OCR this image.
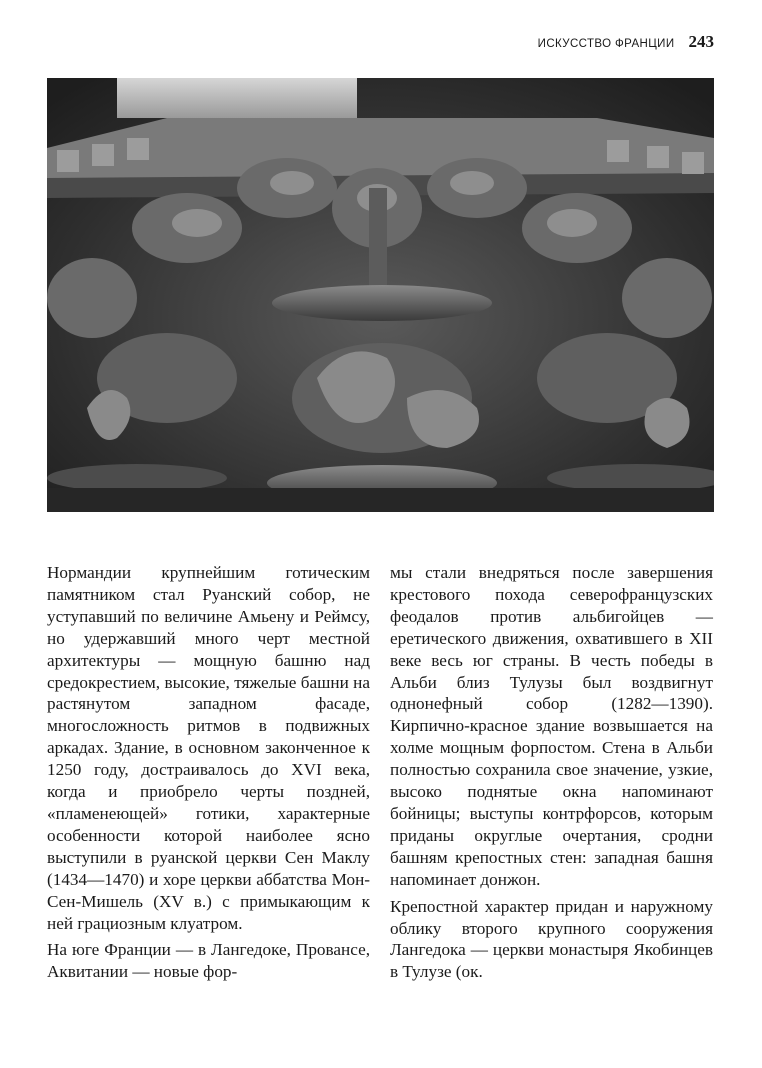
ИСКУССТВО ФРАНЦИИ 243

Нормандии крупнейшим готическим памятником стал Руанский собор, не уступавший по величине Амьену и Реймсу, но удержавший много черт местной архитектуры — мощную башню над средокрестием, высокие, тяжелые башни на растянутом западном фасаде, многосложность ритмов в подвижных аркадах. Здание, в основном законченное к 1250 году, достраивалось до XVI века, когда и приобрело черты поздней, «пламенеющей» готики, характерные особенности которой наиболее ясно выступили в руанской церкви Сен Маклу (1434—1470) и хоре церкви аббатства Мон-Сен-Мишель (XV в.) с примыкающим к ней грациозным клуатром.

На юге Франции — в Лангедоке, Провансе, Аквитании — новые фор-

мы стали внедряться после завершения крестового похода северофранцузских феодалов против альбигойцев — еретического движения, охватившего в XII веке весь юг страны. В честь победы в Альби близ Тулузы был воздвигнут однонефный собор (1282—1390). Кирпично-красное здание возвышается на холме мощным форпостом. Стена в Альби полностью сохранила свое значение, узкие, высоко поднятые окна напоминают бойницы; выступы контрфорсов, которым приданы округлые очертания, сродни башням крепостных стен: западная башня напоминает донжон.

Крепостной характер придан и наружному облику второго крупного сооружения Лангедока — церкви монастыря Якобинцев в Тулузе (ок.
